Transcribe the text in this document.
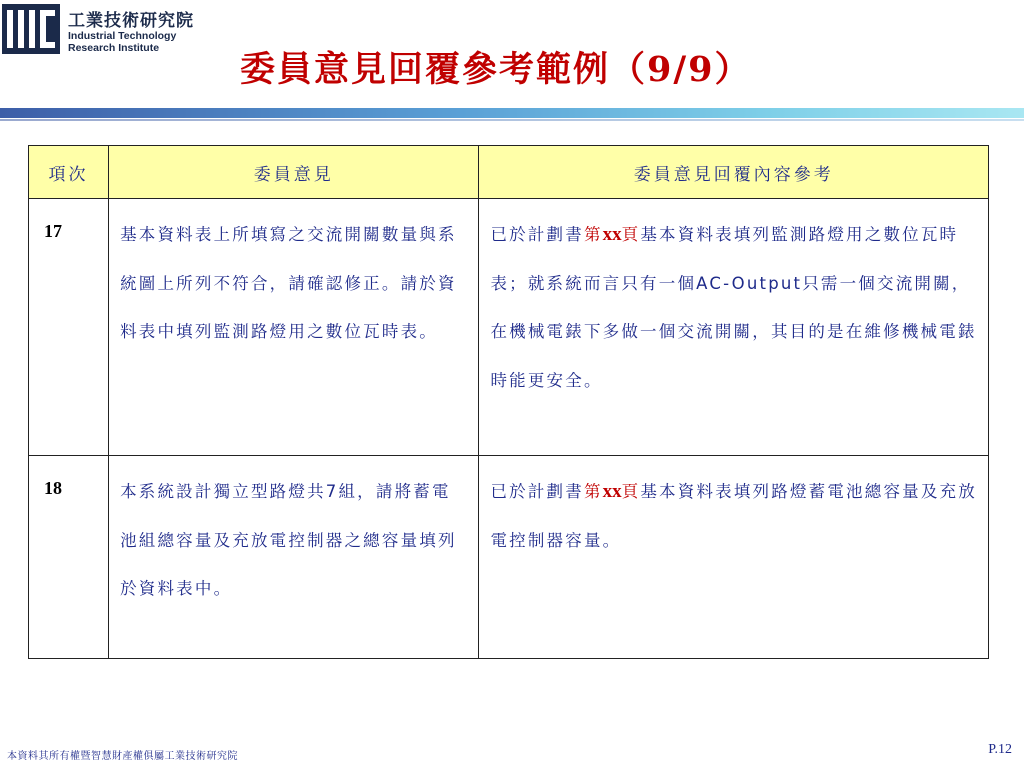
工業技術研究院
Industrial Technology
Research Institute
委員意見回覆參考範例（9/9）
項次	委員意見	委員意見回覆內容參考

17	基本資料表上所填寫之交流開關數量與系統圖上所列不符合，請確認修正。請於資料表中填列監測路燈用之數位瓦時表。	已於計劃書第xx頁基本資料表填列監測路燈用之數位瓦時表；就系統而言只有一個AC-Output只需一個交流開關，在機械電錶下多做一個交流開關，其目的是在維修機械電錶時能更安全。

18	本系統設計獨立型路燈共7組，請將蓄電池組總容量及充放電控制器之總容量填列於資料表中。	已於計劃書第xx頁基本資料表填列路燈蓄電池總容量及充放電控制器容量。

本資料其所有權暨智慧財產權俱屬工業技術研究院	P.12
